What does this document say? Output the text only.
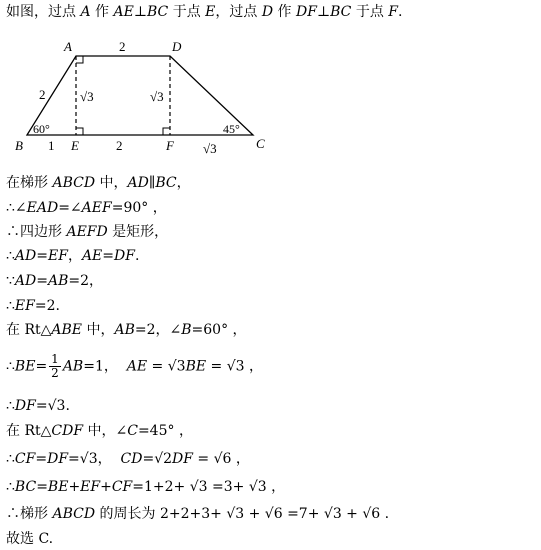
如图，过点 A 作 AE⊥BC 于点 E，过点 D 作 DF⊥BC 于点 F.
A	D
B	E	F	C
2
2
1	2
√3	√3
√3
60°	45°
在梯形 ABCD 中，AD∥BC，
∴∠EAD=∠AEF=90° ，
∴四边形 AEFD 是矩形，
∴AD=EF，AE=DF.
∵AD=AB=2，
∴EF=2.
在 Rt△ABE 中，AB=2，∠B=60° ，
∴BE= $\frac{1}{2} AB=1$，  AE = √3BE = √3 ，
∴DF=√3.
在 Rt△CDF 中，∠C=45° ，
∴CF=DF=√3，  CD=√2DF = √6 ，
∴BC=BE+EF+CF=1+2+ √3 =3+ √3 ，
∴梯形 ABCD 的周长为 2+2+3+ √3 + √6 =7+ √3 + √6 .
故选 C.
